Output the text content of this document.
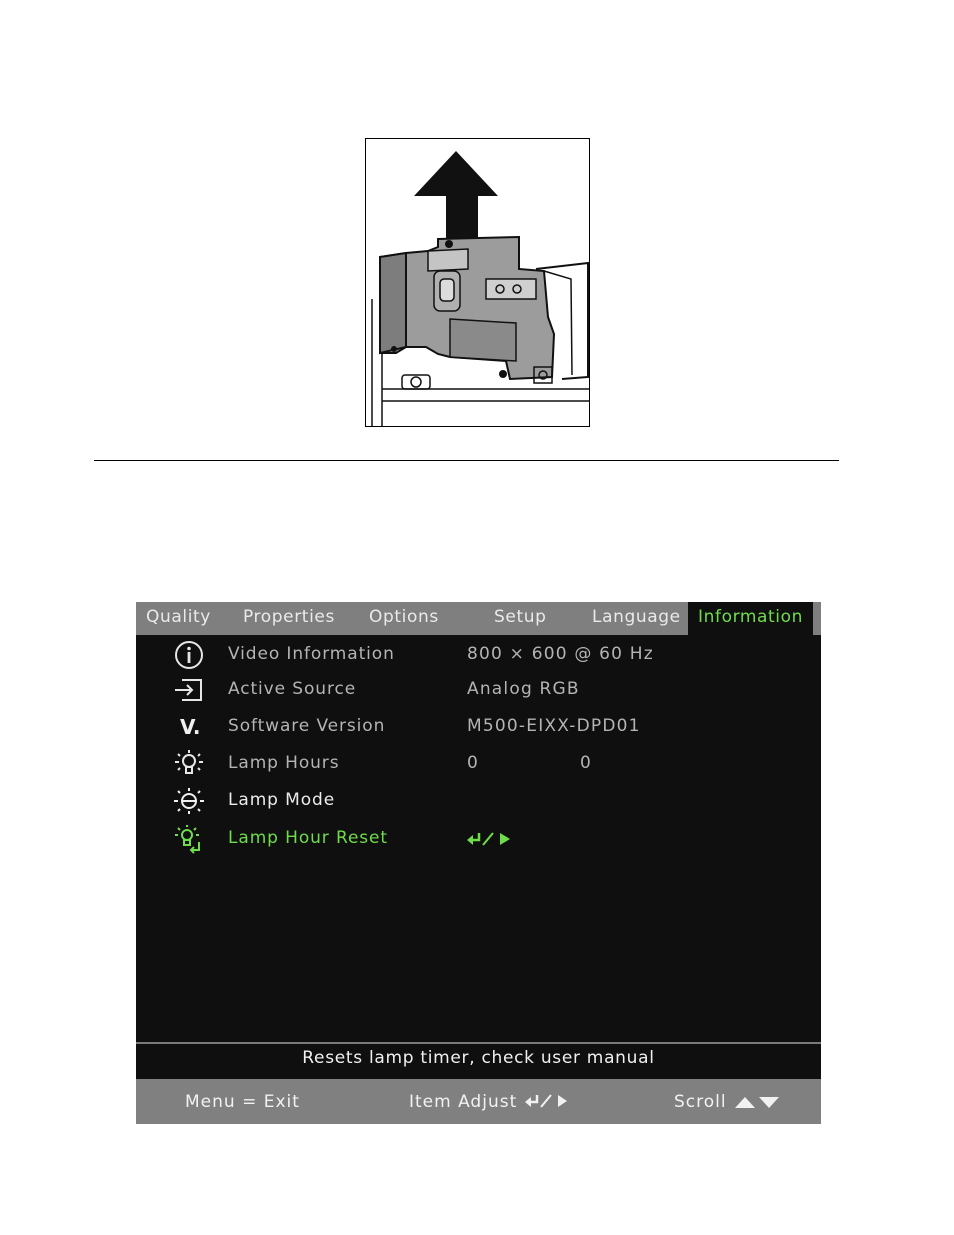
Quality Properties Options	Setup	Language	Information
Video Information	800 × 600 @ 60 Hz
Active Source	Analog RGB
V.	Software Version	M500-EIXX-DPD01
Lamp Hours	0	0
Lamp Mode
Lamp Hour Reset
Resets lamp timer, check user manual
Menu = Exit	Item Adjust	Scroll
